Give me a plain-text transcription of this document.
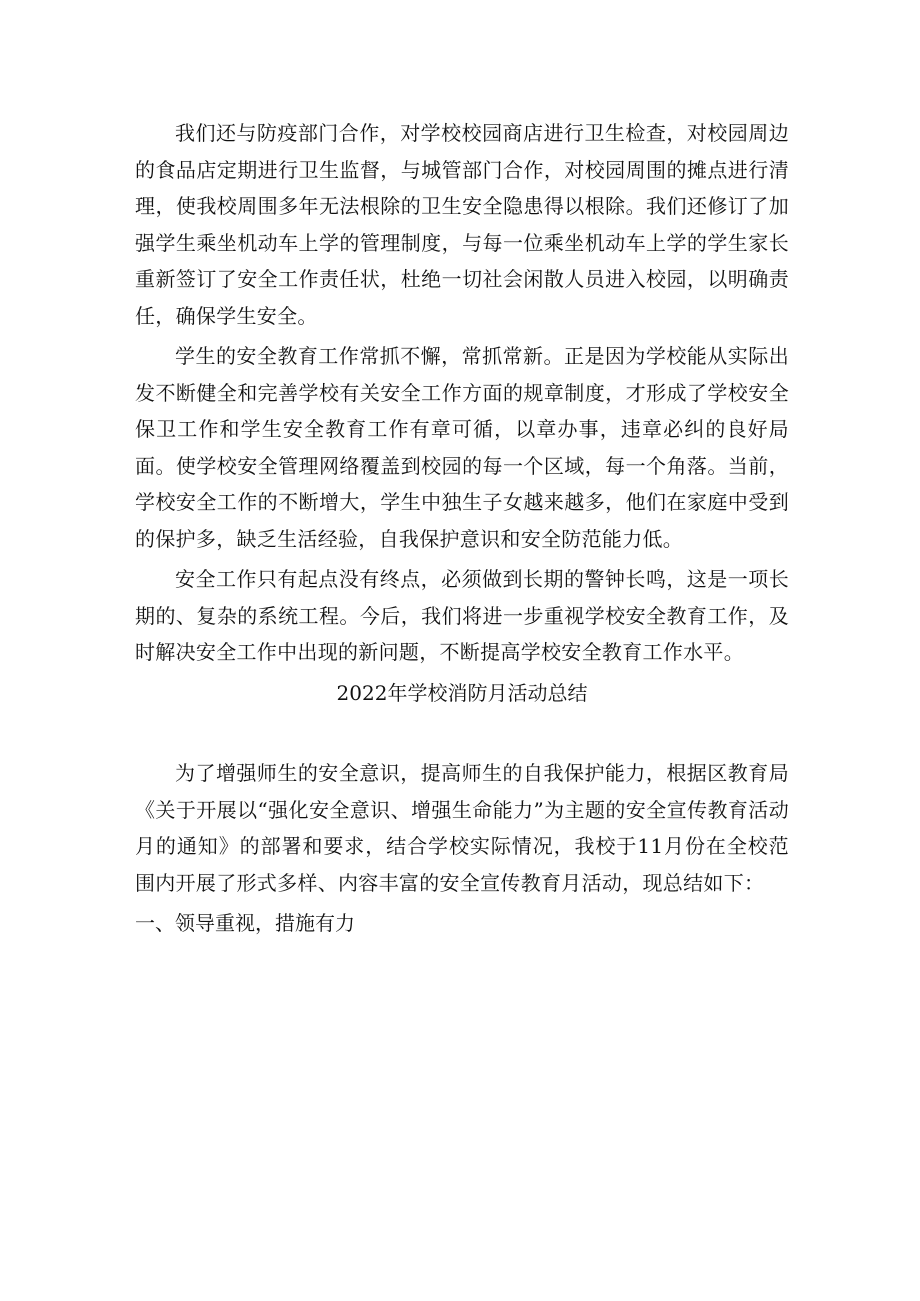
我们还与防疫部门合作，对学校校园商店进行卫生检查，对校园周边的食品店定期进行卫生监督，与城管部门合作，对校园周围的摊点进行清理，使我校周围多年无法根除的卫生安全隐患得以根除。我们还修订了加强学生乘坐机动车上学的管理制度，与每一位乘坐机动车上学的学生家长重新签订了安全工作责任状，杜绝一切社会闲散人员进入校园，以明确责任，确保学生安全。

学生的安全教育工作常抓不懈，常抓常新。正是因为学校能从实际出发不断健全和完善学校有关安全工作方面的规章制度，才形成了学校安全保卫工作和学生安全教育工作有章可循，以章办事，违章必纠的良好局面。使学校安全管理网络覆盖到校园的每一个区域，每一个角落。当前，学校安全工作的不断增大，学生中独生子女越来越多，他们在家庭中受到的保护多，缺乏生活经验，自我保护意识和安全防范能力低。

安全工作只有起点没有终点，必须做到长期的警钟长鸣，这是一项长期的、复杂的系统工程。今后，我们将进一步重视学校安全教育工作，及时解决安全工作中出现的新问题，不断提高学校安全教育工作水平。

2022年学校消防月活动总结

为了增强师生的安全意识，提高师生的自我保护能力，根据区教育局《关于开展以“强化安全意识、增强生命能力”为主题的安全宣传教育活动月的通知》的部署和要求，结合学校实际情况，我校于11月份在全校范围内开展了形式多样、内容丰富的安全宣传教育月活动，现总结如下：

一、领导重视，措施有力
